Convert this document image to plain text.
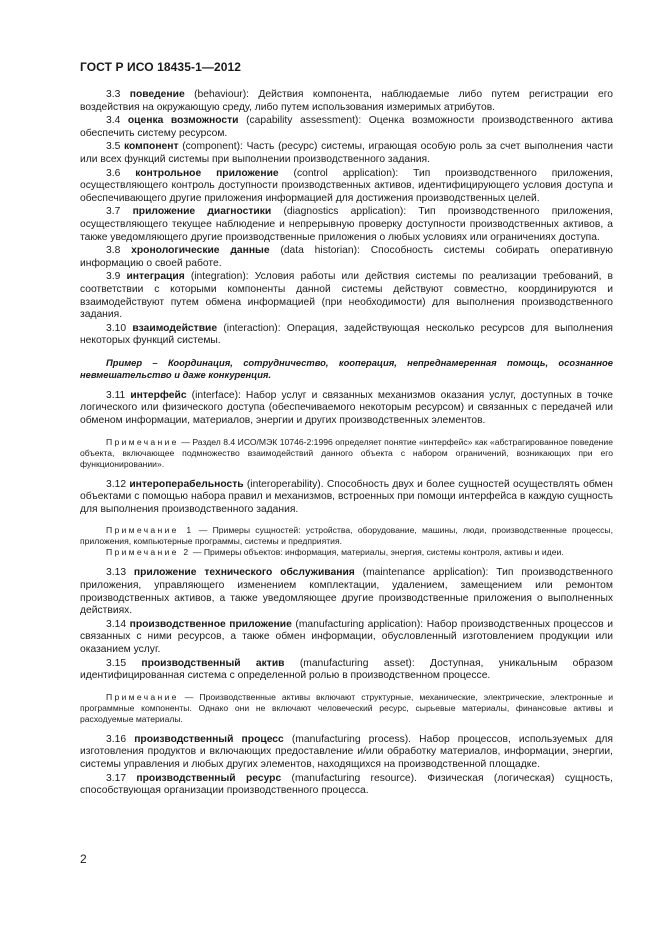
ГОСТ Р ИСО 18435-1—2012

3.3 поведение (behaviour): Действия компонента, наблюдаемые либо путем регистрации его воздействия на окружающую среду, либо путем использования измеримых атрибутов.

3.4 оценка возможности (capability assessment): Оценка возможности производственного актива обеспечить систему ресурсом.

3.5 компонент (component): Часть (ресурс) системы, играющая особую роль за счет выполнения части или всех функций системы при выполнении производственного задания.

3.6 контрольное приложение (control application): Тип производственного приложения, осуществляющего контроль доступности производственных активов, идентифицирующего условия доступа и обеспечивающего другие приложения информацией для достижения производственных целей.

3.7 приложение диагностики (diagnostics application): Тип производственного приложения, осуществляющего текущее наблюдение и непрерывную проверку доступности производственных активов, а также уведомляющего другие производственные приложения о любых условиях или ограничениях доступа.

3.8 хронологические данные (data historian): Способность системы собирать оперативную информацию о своей работе.

3.9 интеграция (integration): Условия работы или действия системы по реализации требований, в соответствии с которыми компоненты данной системы действуют совместно, координируются и взаимодействуют путем обмена информацией (при необходимости) для выполнения производственного задания.

3.10 взаимодействие (interaction): Операция, задействующая несколько ресурсов для выполнения некоторых функций системы.

Пример – Координация, сотрудничество, кооперация, непреднамеренная помощь, осознанное невмешательство и даже конкуренция.

3.11 интерфейс (interface): Набор услуг и связанных механизмов оказания услуг, доступных в точке логического или физического доступа (обеспечиваемого некоторым ресурсом) и связанных с передачей или обменом информации, материалов, энергии и других производственных элементов.

Примечание — Раздел 8.4 ИСО/МЭК 10746-2:1996 определяет понятие «интерфейс» как «абстрагированное поведение объекта, включающее подмножество взаимодействий данного объекта с набором ограничений, возникающих при его функционировании».

3.12 интероперабельность (interoperability). Способность двух и более сущностей осуществлять обмен объектами с помощью набора правил и механизмов, встроенных при помощи интерфейса в каждую сущность для выполнения производственного задания.

Примечание 1 — Примеры сущностей: устройства, оборудование, машины, люди, производственные процессы, приложения, компьютерные программы, системы и предприятия.

Примечание 2 — Примеры объектов: информация, материалы, энергия, системы контроля, активы и идеи.

3.13 приложение технического обслуживания (maintenance application): Тип производственного приложения, управляющего изменением комплектации, удалением, замещением или ремонтом производственных активов, а также уведомляющее другие производственные приложения о выполненных действиях.

3.14 производственное приложение (manufacturing application): Набор производственных процессов и связанных с ними ресурсов, а также обмен информации, обусловленный изготовлением продукции или оказанием услуг.

3.15 производственный актив (manufacturing asset): Доступная, уникальным образом идентифицированная система с определенной ролью в производственном процессе.

Примечание — Производственные активы включают структурные, механические, электрические, электронные и программные компоненты. Однако они не включают человеческий ресурс, сырьевые материалы, финансовые активы и расходуемые материалы.

3.16 производственный процесс (manufacturing process). Набор процессов, используемых для изготовления продуктов и включающих предоставление и/или обработку материалов, информации, энергии, системы управления и любых других элементов, находящихся на производственной площадке.

3.17 производственный ресурс (manufacturing resource). Физическая (логическая) сущность, способствующая организации производственного процесса.

2
